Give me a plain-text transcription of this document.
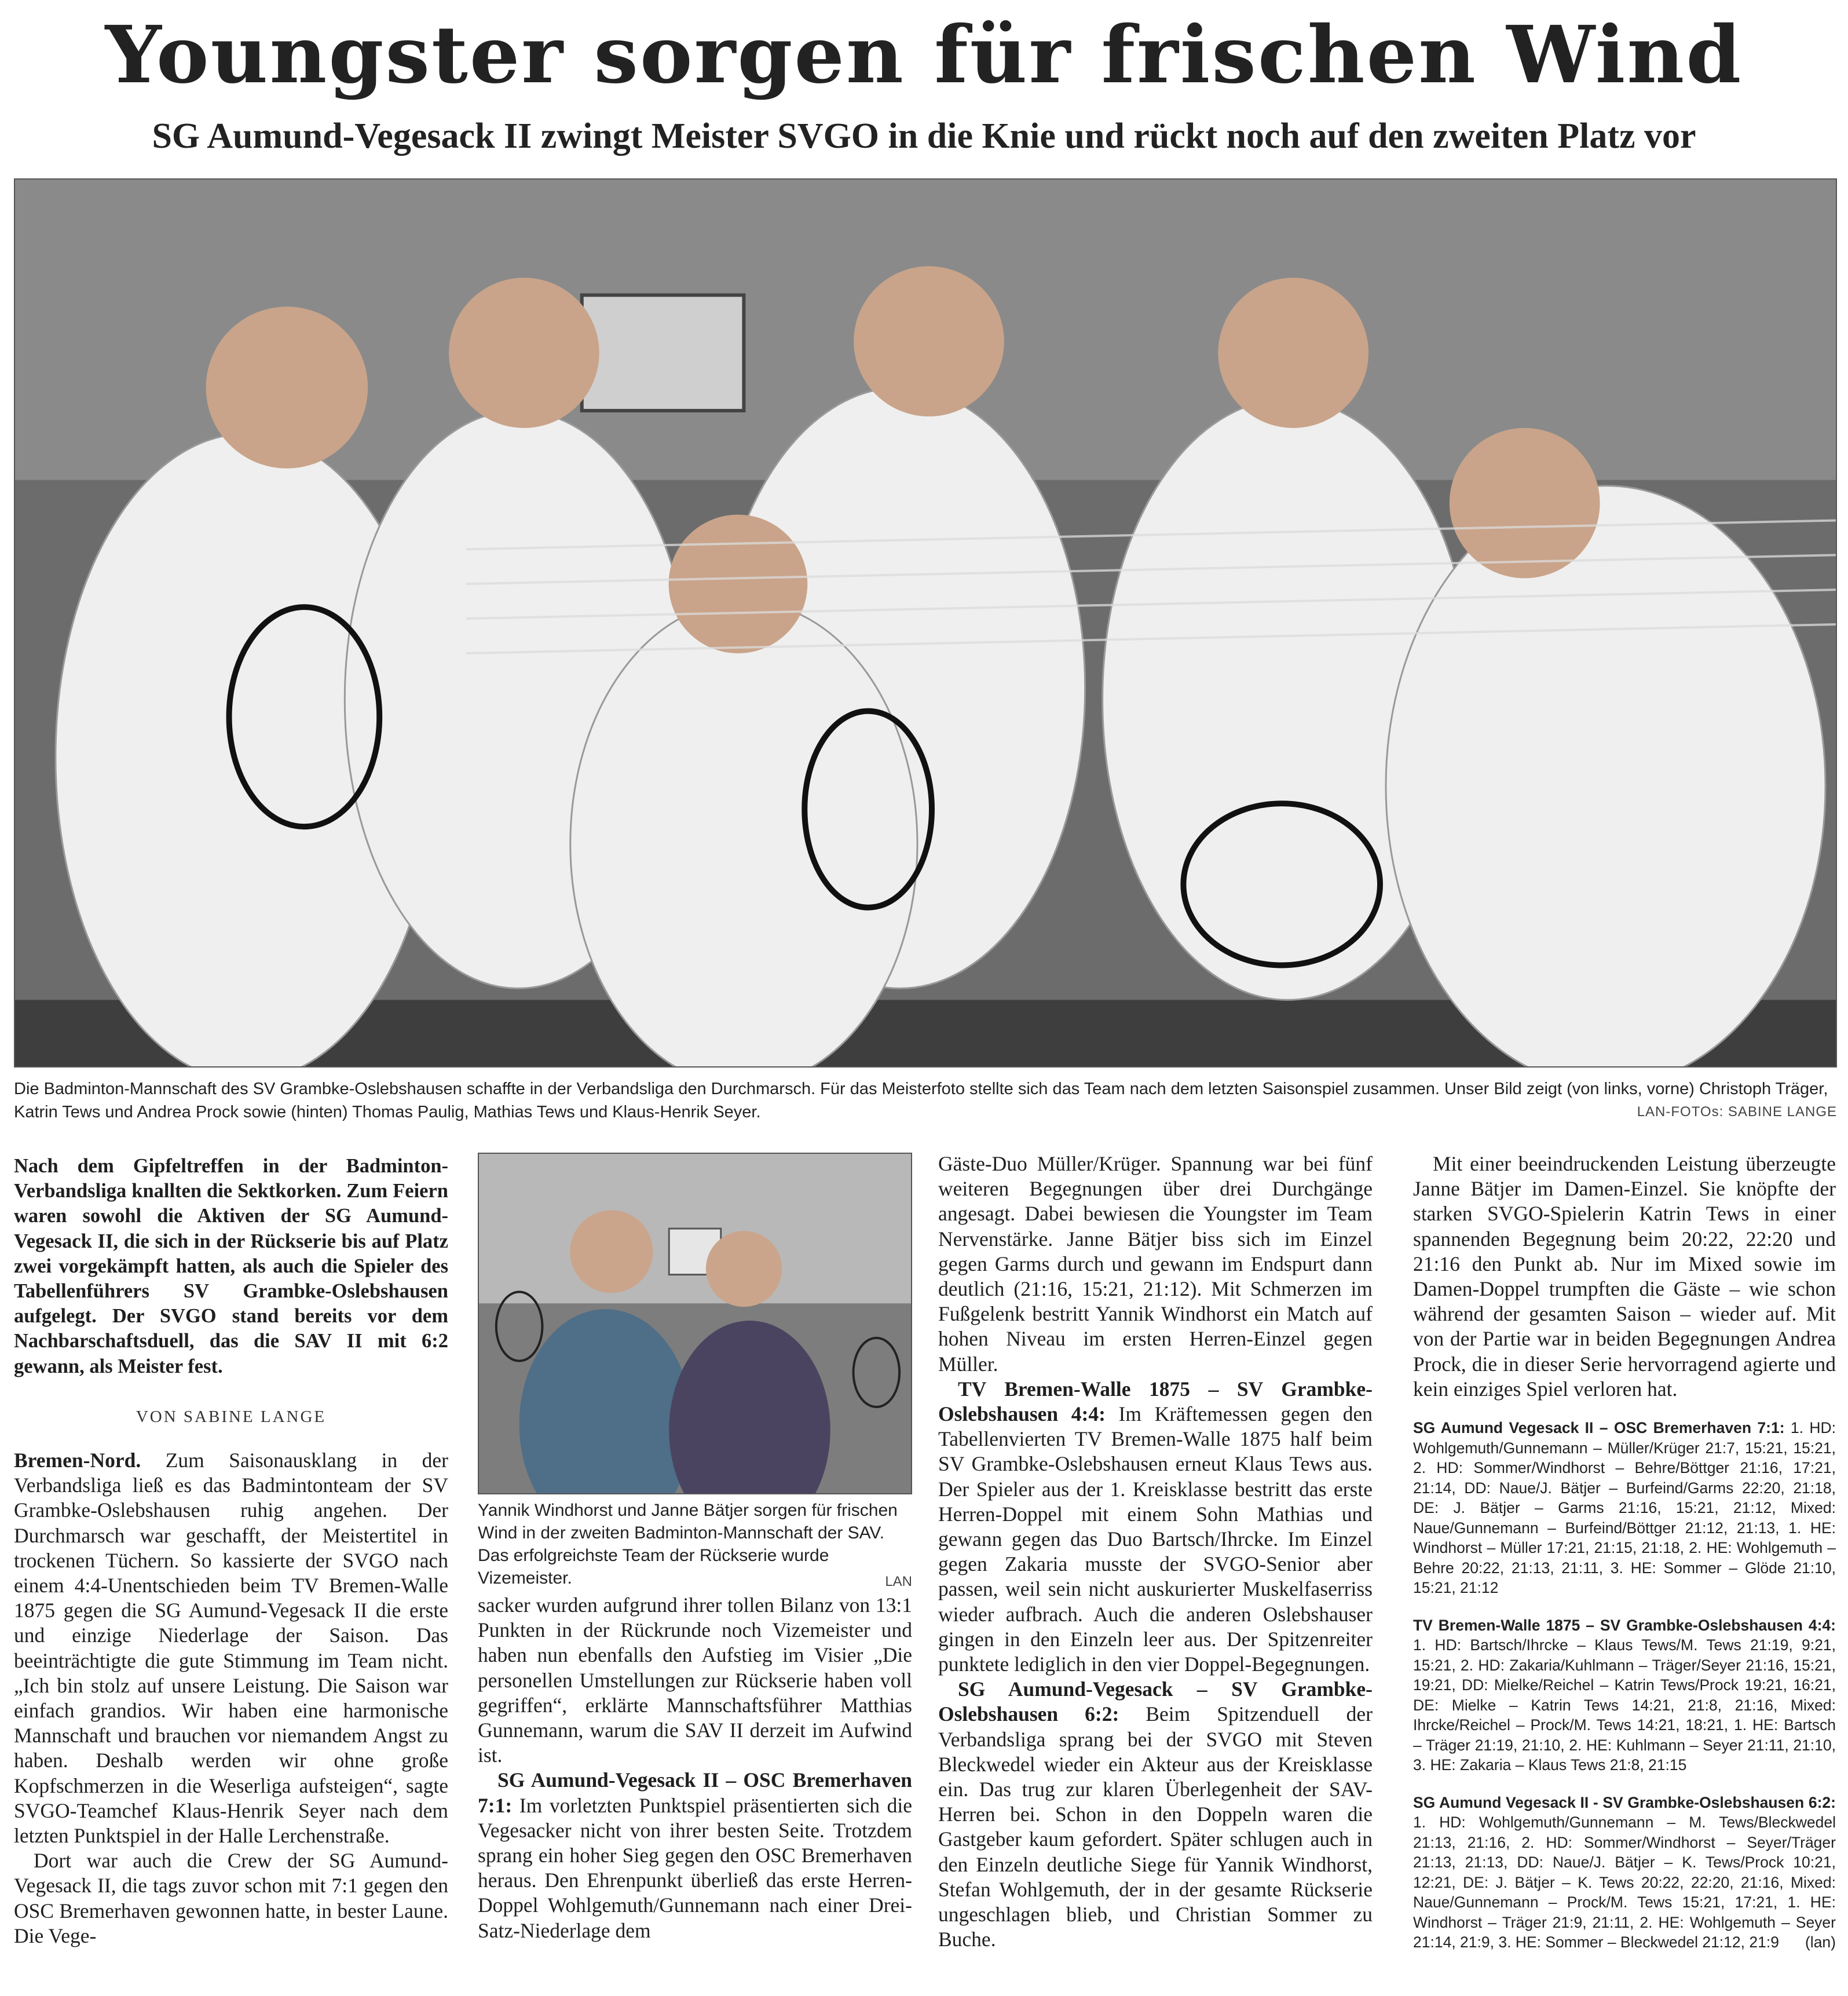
Youngster sorgen für frischen Wind
SG Aumund-Vegesack II zwingt Meister SVGO in die Knie und rückt noch auf den zweiten Platz vor
Die Badminton-Mannschaft des SV Grambke-Oslebshausen schaffte in der Verbandsliga den Durchmarsch. Für das Meisterfoto stellte sich das Team nach dem letzten Saisonspiel zusammen. Unser Bild zeigt (von links, vorne) Christoph Träger, Katrin Tews und Andrea Prock sowie (hinten) Thomas Paulig, Mathias Tews und Klaus-Henrik Seyer.	LAN-FOTOs: SABINE LANGE

Nach dem Gipfeltreffen in der Badminton-Verbandsliga knallten die Sektkorken. Zum Feiern waren sowohl die Aktiven der SG Aumund-Vegesack II, die sich in der Rückserie bis auf Platz zwei vorgekämpft hatten, als auch die Spieler des Tabellenführers SV Grambke-Oslebshausen aufgelegt. Der SVGO stand bereits vor dem Nachbarschaftsduell, das die SAV II mit 6:2 gewann, als Meister fest.

VON SABINE LANGE

Bremen-Nord. Zum Saisonausklang in der Verbandsliga ließ es das Badmintonteam der SV Grambke-Oslebshausen ruhig angehen. Der Durchmarsch war geschafft, der Meistertitel in trockenen Tüchern. So kassierte der SVGO nach einem 4:4-Unentschieden beim TV Bremen-Walle 1875 gegen die SG Aumund-Vegesack II die erste und einzige Niederlage der Saison. Das beeinträchtigte die gute Stimmung im Team nicht. „Ich bin stolz auf unsere Leistung. Die Saison war einfach grandios. Wir haben eine harmonische Mannschaft und brauchen vor niemandem Angst zu haben. Deshalb werden wir ohne große Kopfschmerzen in die Weserliga aufsteigen“, sagte SVGO-Teamchef Klaus-Henrik Seyer nach dem letzten Punktspiel in der Halle Lerchenstraße.

Dort war auch die Crew der SG Aumund-Vegesack II, die tags zuvor schon mit 7:1 gegen den OSC Bremerhaven gewonnen hatte, in bester Laune. Die Vege-

Yannik Windhorst und Janne Bätjer sorgen für frischen Wind in der zweiten Badminton-Mannschaft der SAV. Das erfolgreichste Team der Rückserie wurde Vizemeister.	LAN

sacker wurden aufgrund ihrer tollen Bilanz von 13:1 Punkten in der Rückrunde noch Vizemeister und haben nun ebenfalls den Aufstieg im Visier „Die personellen Umstellungen zur Rückserie haben voll gegriffen“, erklärte Mannschaftsführer Matthias Gunnemann, warum die SAV II derzeit im Aufwind ist.

SG Aumund-Vegesack II – OSC Bremerhaven 7:1: Im vorletzten Punktspiel präsentierten sich die Vegesacker nicht von ihrer besten Seite. Trotzdem sprang ein hoher Sieg gegen den OSC Bremerhaven heraus. Den Ehrenpunkt überließ das erste Herren-Doppel Wohlgemuth/Gunnemann nach einer Drei-Satz-Niederlage dem

Gäste-Duo Müller/Krüger. Spannung war bei fünf weiteren Begegnungen über drei Durchgänge angesagt. Dabei bewiesen die Youngster im Team Nervenstärke. Janne Bätjer biss sich im Einzel gegen Garms durch und gewann im Endspurt dann deutlich (21:16, 15:21, 21:12). Mit Schmerzen im Fußgelenk bestritt Yannik Windhorst ein Match auf hohen Niveau im ersten Herren-Einzel gegen Müller.

TV Bremen-Walle 1875 – SV Grambke-Oslebshausen 4:4: Im Kräftemessen gegen den Tabellenvierten TV Bremen-Walle 1875 half beim SV Grambke-Oslebshausen erneut Klaus Tews aus. Der Spieler aus der 1. Kreisklasse bestritt das erste Herren-Doppel mit einem Sohn Mathias und gewann gegen das Duo Bartsch/Ihrcke. Im Einzel gegen Zakaria musste der SVGO-Senior aber passen, weil sein nicht auskurierter Muskelfaserriss wieder aufbrach. Auch die anderen Oslebshauser gingen in den Einzeln leer aus. Der Spitzenreiter punktete lediglich in den vier Doppel-Begegnungen.

SG Aumund-Vegesack – SV Grambke-Oslebshausen 6:2: Beim Spitzenduell der Verbandsliga sprang bei der SVGO mit Steven Bleckwedel wieder ein Akteur aus der Kreisklasse ein. Das trug zur klaren Überlegenheit der SAV-Herren bei. Schon in den Doppeln waren die Gastgeber kaum gefordert. Später schlugen auch in den Einzeln deutliche Siege für Yannik Windhorst, Stefan Wohlgemuth, der in der gesamte Rückserie ungeschlagen blieb, und Christian Sommer zu Buche.

Mit einer beeindruckenden Leistung überzeugte Janne Bätjer im Damen-Einzel. Sie knöpfte der starken SVGO-Spielerin Katrin Tews in einer spannenden Begegnung beim 20:22, 22:20 und 21:16 den Punkt ab. Nur im Mixed sowie im Damen-Doppel trumpften die Gäste – wie schon während der gesamten Saison – wieder auf. Mit von der Partie war in beiden Begegnungen Andrea Prock, die in dieser Serie hervorragend agierte und kein einziges Spiel verloren hat.

SG Aumund Vegesack II – OSC Bremerhaven 7:1: 1. HD: Wohlgemuth/Gunnemann – Müller/Krüger 21:7, 15:21, 15:21, 2. HD: Sommer/Windhorst – Behre/Böttger 21:16, 17:21, 21:14, DD: Naue/J. Bätjer – Burfeind/Garms 22:20, 21:18, DE: J. Bätjer – Garms 21:16, 15:21, 21:12, Mixed: Naue/Gunnemann – Burfeind/Böttger 21:12, 21:13, 1. HE: Windhorst – Müller 17:21, 21:15, 21:18, 2. HE: Wohlgemuth – Behre 20:22, 21:13, 21:11, 3. HE: Sommer – Glöde 21:10, 15:21, 21:12
TV Bremen-Walle 1875 – SV Grambke-Oslebshausen 4:4: 1. HD: Bartsch/Ihrcke – Klaus Tews/M. Tews 21:19, 9:21, 15:21, 2. HD: Zakaria/Kuhlmann – Träger/Seyer 21:16, 15:21, 19:21, DD: Mielke/Reichel – Katrin Tews/Prock 19:21, 16:21, DE: Mielke – Katrin Tews 14:21, 21:8, 21:16, Mixed: Ihrcke/Reichel – Prock/M. Tews 14:21, 18:21, 1. HE: Bartsch – Träger 21:19, 21:10, 2. HE: Kuhlmann – Seyer 21:11, 21:10, 3. HE: Zakaria – Klaus Tews 21:8, 21:15
SG Aumund Vegesack II - SV Grambke-Oslebshausen 6:2: 1. HD: Wohlgemuth/Gunnemann – M. Tews/Bleckwedel 21:13, 21:16, 2. HD: Sommer/Windhorst – Seyer/Träger 21:13, 21:13, DD: Naue/J. Bätjer – K. Tews/Prock 10:21, 12:21, DE: J. Bätjer – K. Tews 20:22, 22:20, 21:16, Mixed: Naue/Gunnemann – Prock/M. Tews 15:21, 17:21, 1. HE: Windhorst – Träger 21:9, 21:11, 2. HE: Wohlgemuth – Seyer 21:14, 21:9, 3. HE: Sommer – Bleckwedel 21:12, 21:9 (lan)
